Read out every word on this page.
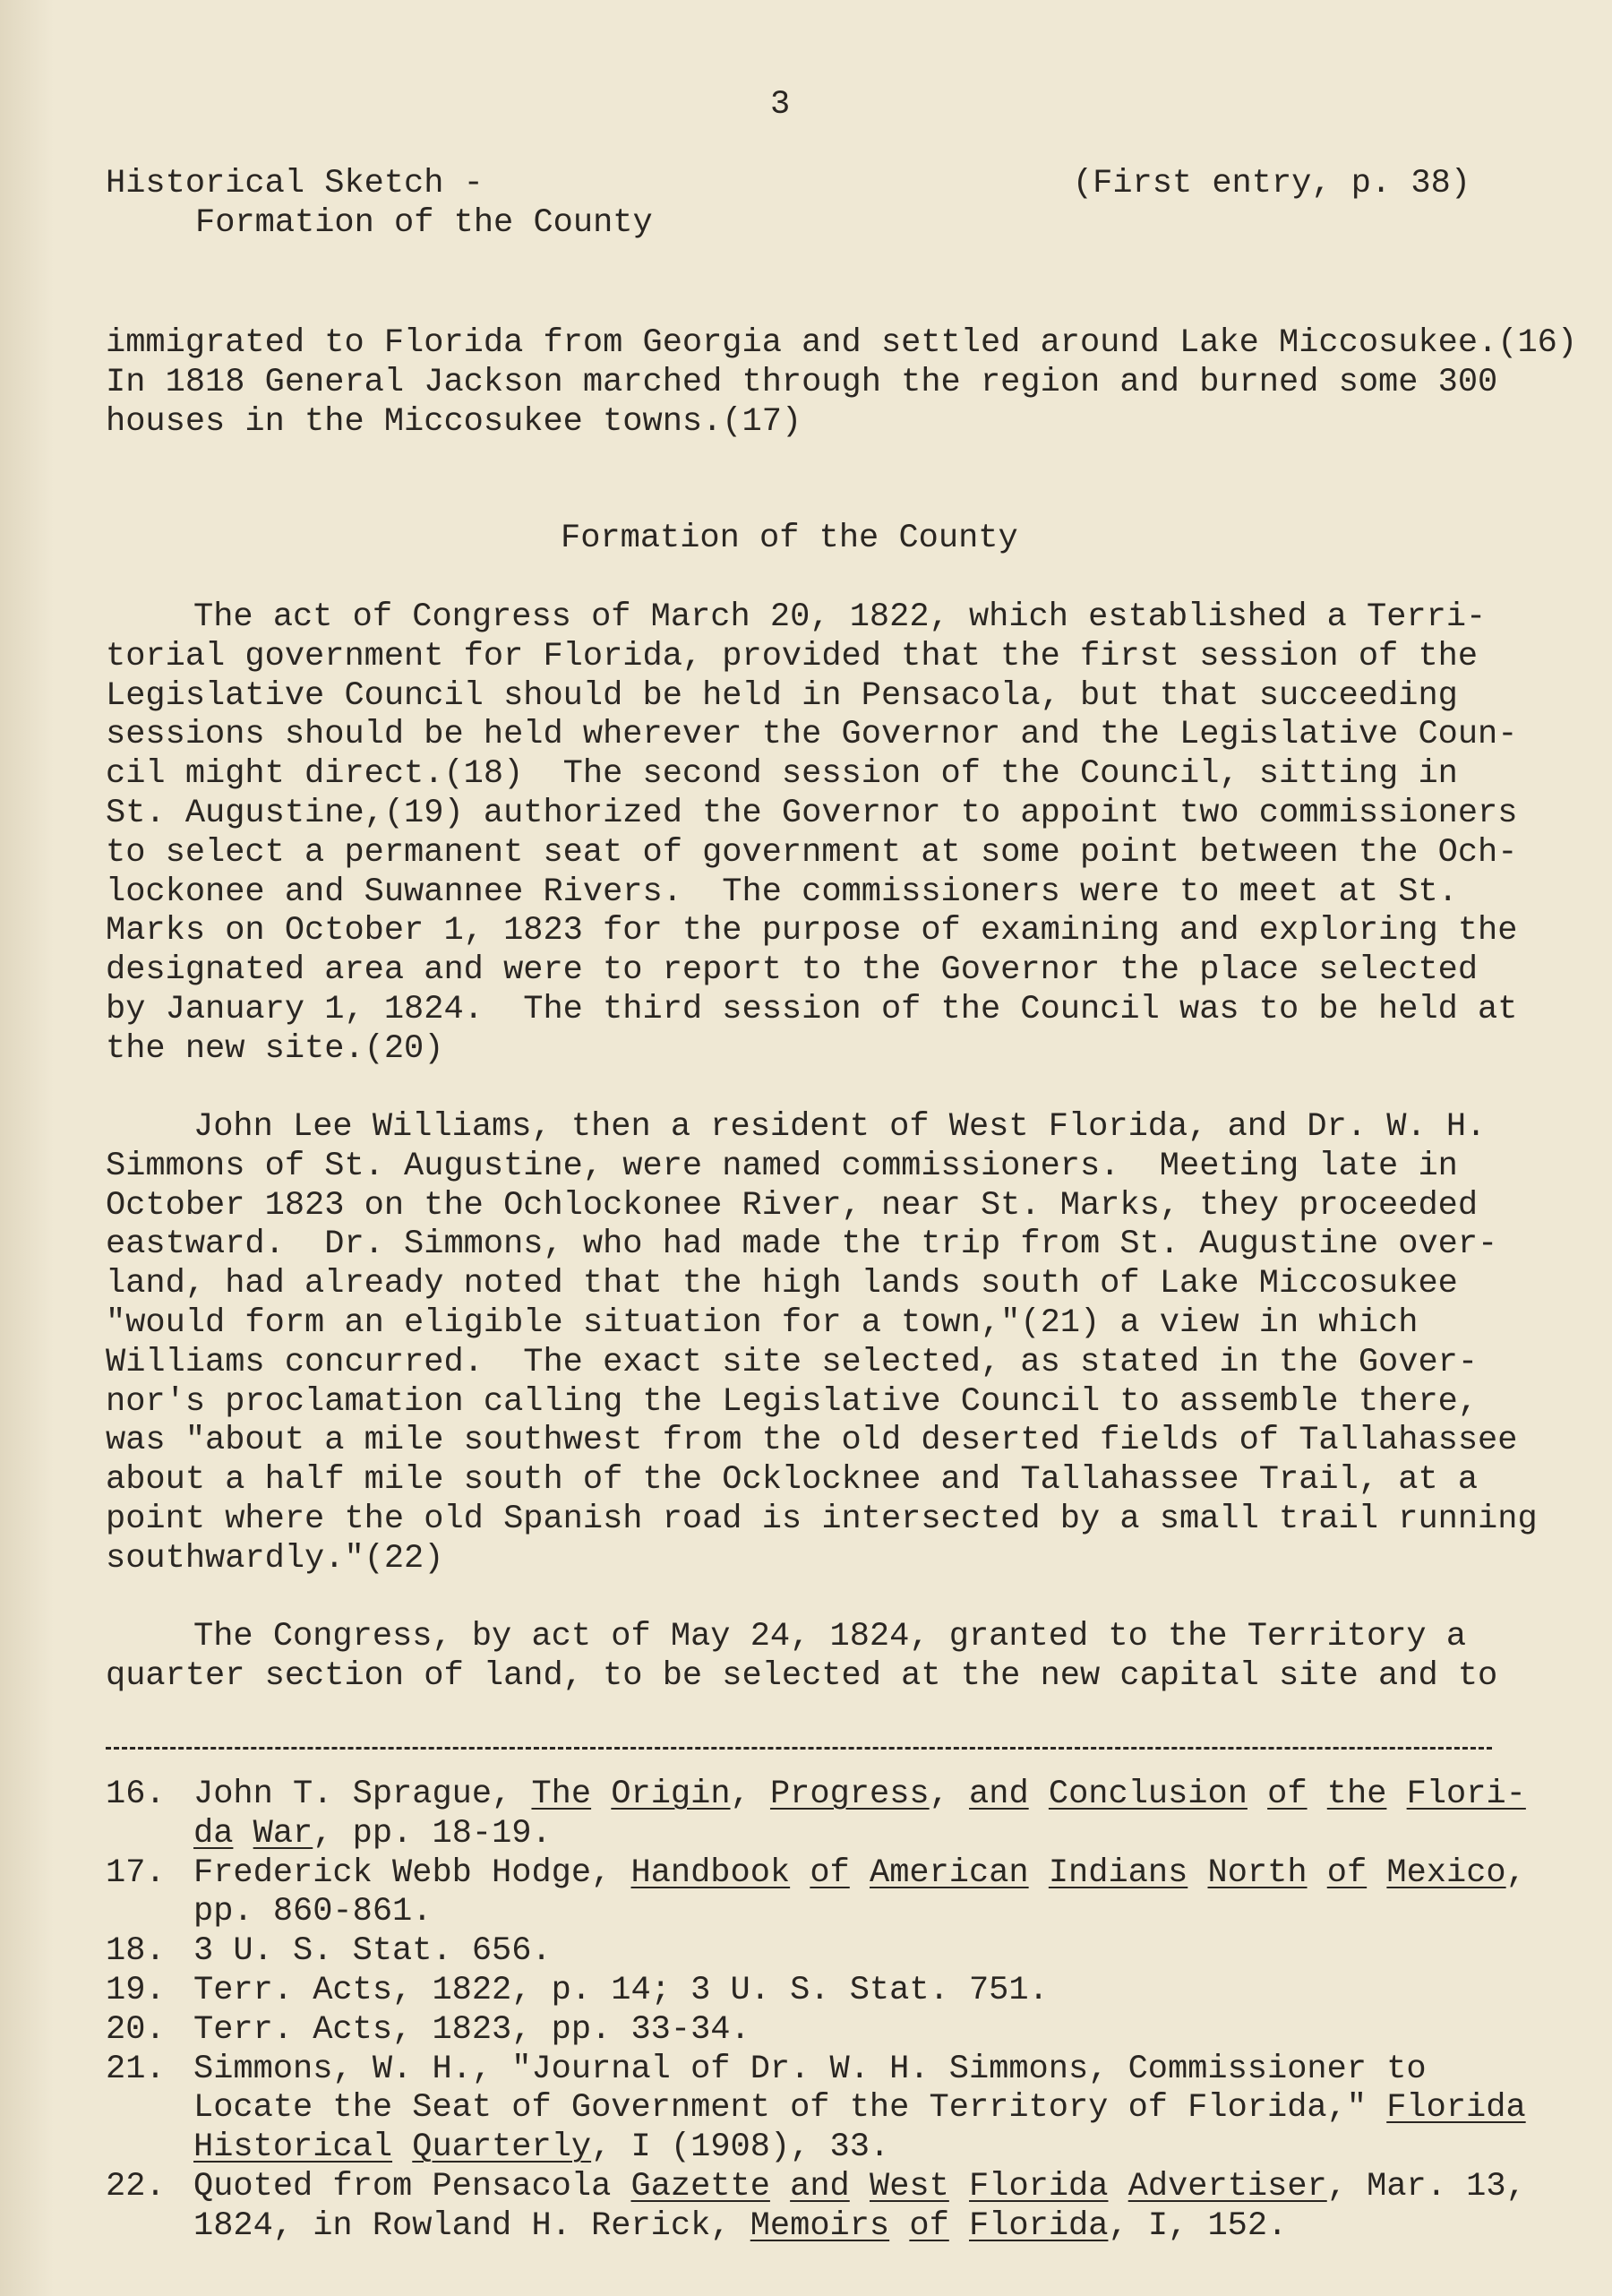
3
Historical Sketch -
Formation of the County
(First entry, p. 38)
immigrated to Florida from Georgia and settled around Lake Miccosukee.(16)
In 1818 General Jackson marched through the region and burned some 300
houses in the Miccosukee towns.(17)
Formation of the County
The act of Congress of March 20, 1822, which established a Terri-
torial government for Florida, provided that the first session of the
Legislative Council should be held in Pensacola, but that succeeding
sessions should be held wherever the Governor and the Legislative Coun-
cil might direct.(18)  The second session of the Council, sitting in
St. Augustine,(19) authorized the Governor to appoint two commissioners
to select a permanent seat of government at some point between the Och-
lockonee and Suwannee Rivers.  The commissioners were to meet at St.
Marks on October 1, 1823 for the purpose of examining and exploring the
designated area and were to report to the Governor the place selected
by January 1, 1824.  The third session of the Council was to be held at
the new site.(20)
John Lee Williams, then a resident of West Florida, and Dr. W. H.
Simmons of St. Augustine, were named commissioners.  Meeting late in
October 1823 on the Ochlockonee River, near St. Marks, they proceeded
eastward.  Dr. Simmons, who had made the trip from St. Augustine over-
land, had already noted that the high lands south of Lake Miccosukee
"would form an eligible situation for a town,"(21) a view in which
Williams concurred.  The exact site selected, as stated in the Gover-
nor's proclamation calling the Legislative Council to assemble there,
was "about a mile southwest from the old deserted fields of Tallahassee
about a half mile south of the Ocklocknee and Tallahassee Trail, at a
point where the old Spanish road is intersected by a small trail running
southwardly."(22)
The Congress, by act of May 24, 1824, granted to the Territory a
quarter section of land, to be selected at the new capital site and to
16. John T. Sprague, The Origin, Progress, and Conclusion of the Flori-
da War, pp. 18-19.
17. Frederick Webb Hodge, Handbook of American Indians North of Mexico,
pp. 860-861.
18. 3 U. S. Stat. 656.
19. Terr. Acts, 1822, p. 14; 3 U. S. Stat. 751.
20. Terr. Acts, 1823, pp. 33-34.
21. Simmons, W. H., "Journal of Dr. W. H. Simmons, Commissioner to
Locate the Seat of Government of the Territory of Florida," Florida
Historical Quarterly, I (1908), 33.
22. Quoted from Pensacola Gazette and West Florida Advertiser, Mar. 13,
1824, in Rowland H. Rerick, Memoirs of Florida, I, 152.
